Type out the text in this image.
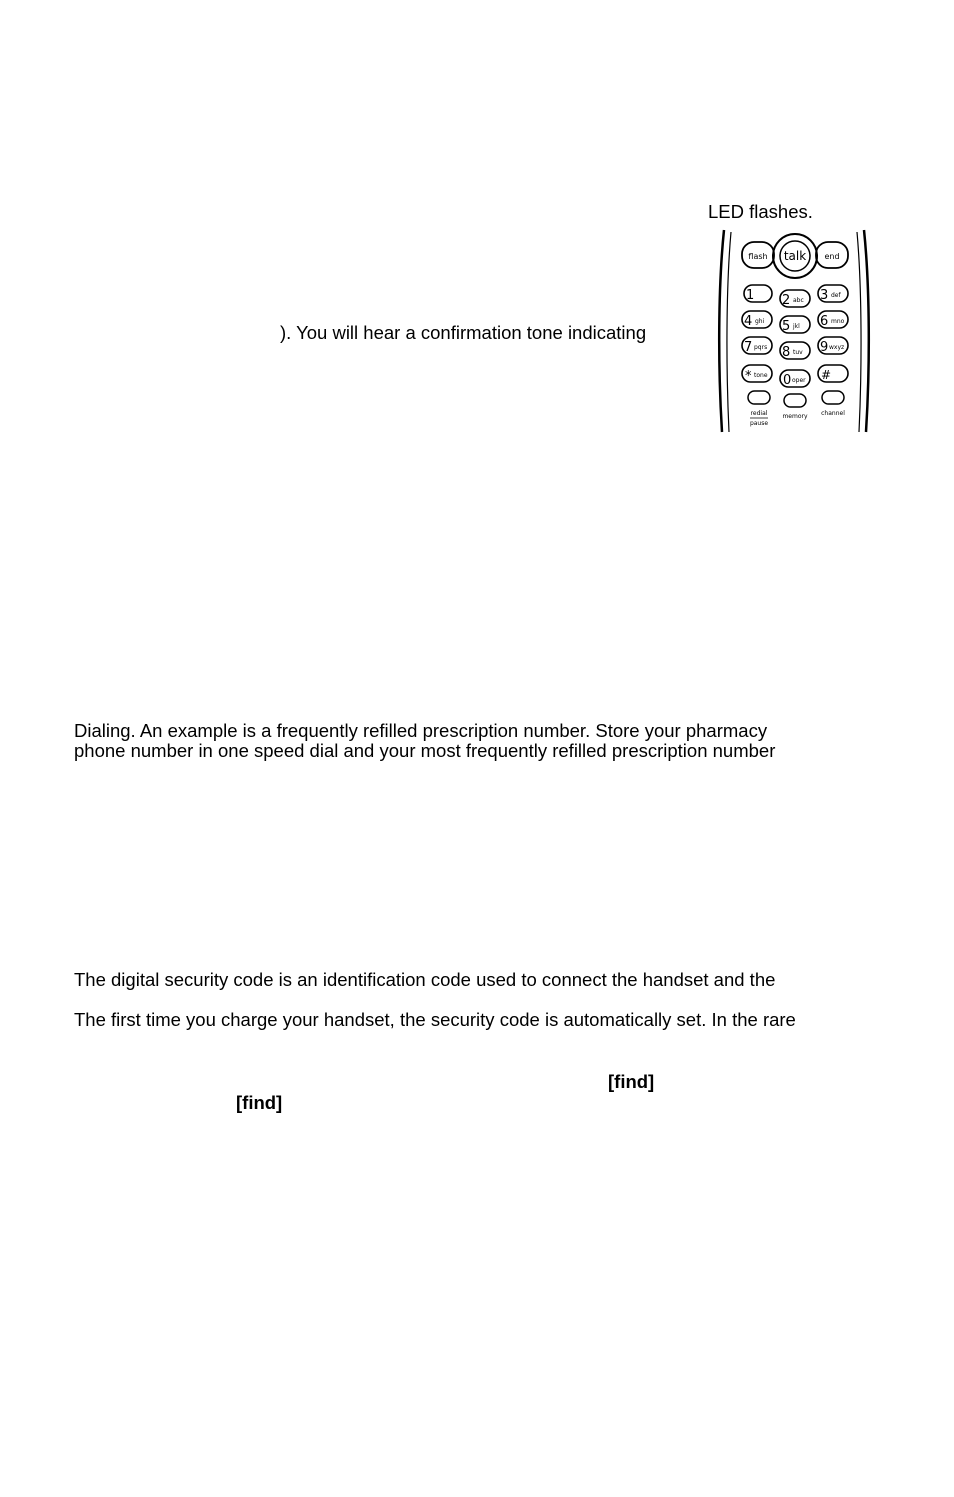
LED flashes.
). You will hear a confirmation tone indicating
flash talk end
1 2 abc 3 def
4 ghi 5 jkl 6 mno
7 pqrs 8 tuv 9 wxyz
* tone 0 oper #
redial
pause
memory channel
Dialing. An example is a frequently refilled prescription number. Store your pharmacy
phone number in one speed dial and your most frequently refilled prescription number
The digital security code is an identification code used to connect the handset and the
The first time you charge your handset, the security code is automatically set. In the rare
[find]
[find]
